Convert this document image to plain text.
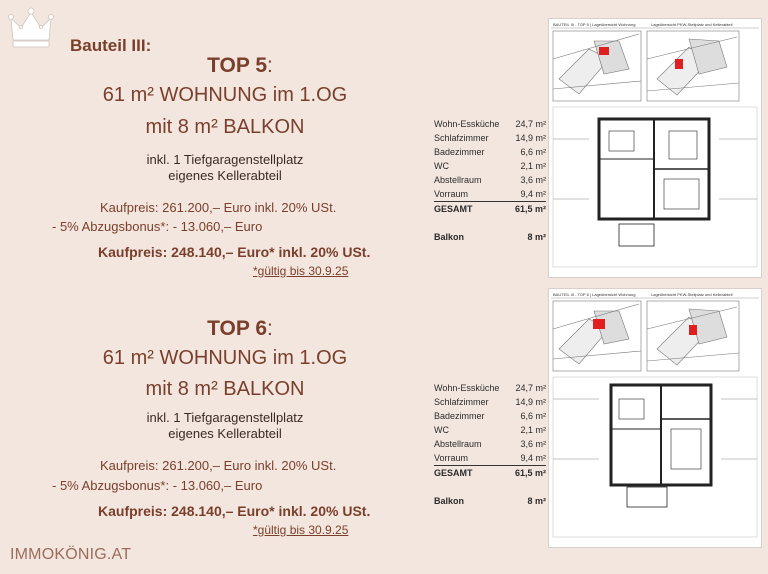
Bauteil III:
TOP 5:
61 m² WOHNUNG im 1.OG
mit 8 m² BALKON
inkl. 1 Tiefgaragenstellplatz
eigenes Kellerabteil
Kaufpreis: 261.200,– Euro inkl. 20% USt.
- 5% Abzugsbonus*: - 13.060,– Euro
Kaufpreis: 248.140,– Euro* inkl. 20% USt.
*gültig bis 30.9.25
TOP 6:
61 m² WOHNUNG im 1.OG
mit 8 m² BALKON
inkl. 1 Tiefgaragenstellplatz
eigenes Kellerabteil
Kaufpreis: 261.200,– Euro inkl. 20% USt.
- 5% Abzugsbonus*: - 13.060,– Euro
Kaufpreis: 248.140,– Euro* inkl. 20% USt.
*gültig bis 30.9.25
Wohn-Essküche 24,7 m²
Schlafzimmer	14,9 m²
Badezimmer	6,6 m²
WC	2,1 m²
Abstellraum	3,6 m²
Vorraum	9,4 m²
GESAMT	61,5 m²
Balkon	8 m²
Wohn-Essküche 24,7 m²
Schlafzimmer	14,9 m²
Badezimmer	6,6 m²
WC	2,1 m²
Abstellraum	3,6 m²
Vorraum	9,4 m²
GESAMT	61,5 m²
Balkon	8 m²
BAUTEIL III - TOP 5 | Lageübersicht Wohnung	Lageübersicht PKW-Stellplatz und Kellerabteil
BAUTEIL III - TOP 6 | Lageübersicht Wohnung	Lageübersicht PKW-Stellplatz und Kellerabteil
IMMOKÖNIG.AT
